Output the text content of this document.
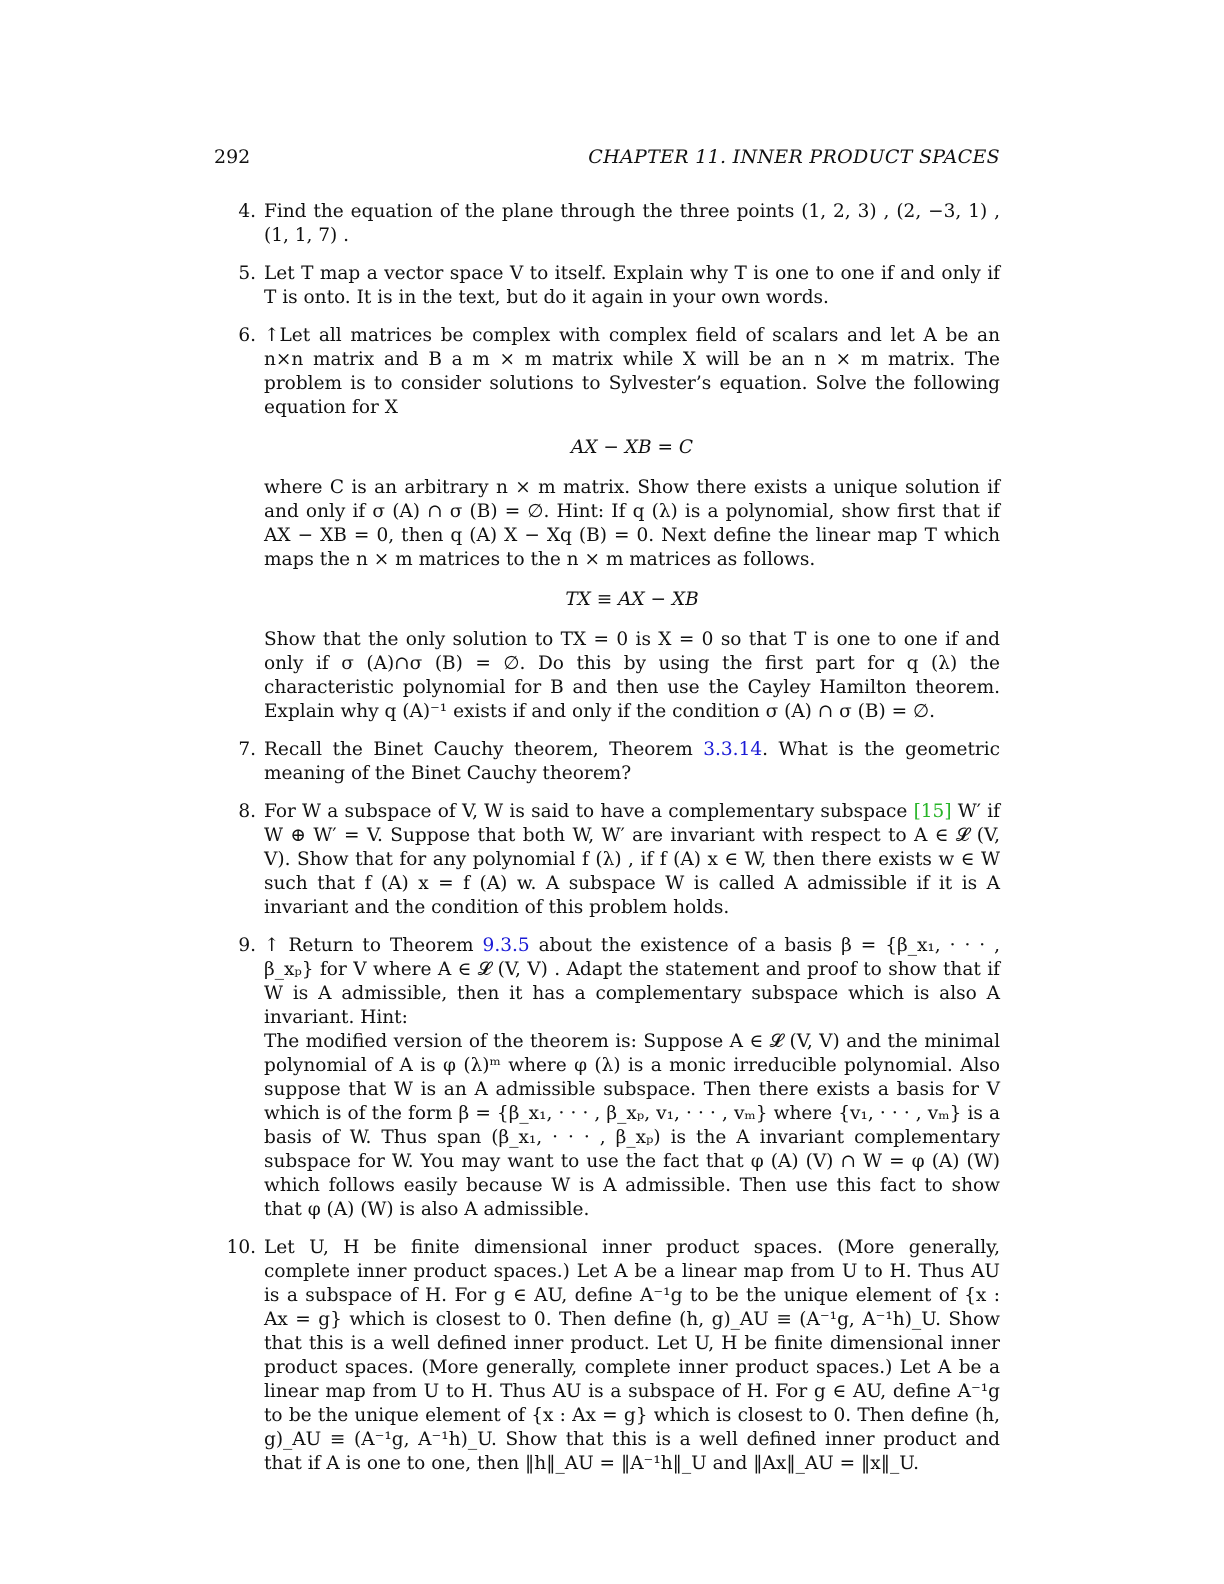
292	CHAPTER 11. INNER PRODUCT SPACES
4. Find the equation of the plane through the three points (1, 2, 3) , (2, −3, 1) , (1, 1, 7) .

5. Let T map a vector space V to itself. Explain why T is one to one if and only if T is onto. It is in the text, but do it again in your own words.

6. ↑Let all matrices be complex with complex field of scalars and let A be an n×n matrix and B a m × m matrix while X will be an n × m matrix. The problem is to consider solutions to Sylvester’s equation. Solve the following equation for X

AX − XB = C

where C is an arbitrary n × m matrix. Show there exists a unique solution if and only if σ (A) ∩ σ (B) = ∅. Hint: If q (λ) is a polynomial, show first that if AX − XB = 0, then q (A) X − Xq (B) = 0. Next define the linear map T which maps the n × m matrices to the n × m matrices as follows.

TX ≡ AX − XB

Show that the only solution to TX = 0 is X = 0 so that T is one to one if and only if σ (A)∩σ (B) = ∅. Do this by using the first part for q (λ) the characteristic polynomial for B and then use the Cayley Hamilton theorem. Explain why q (A)⁻¹ exists if and only if the condition σ (A) ∩ σ (B) = ∅.

7. Recall the Binet Cauchy theorem, Theorem 3.3.14. What is the geometric meaning of the Binet Cauchy theorem?

8. For W a subspace of V, W is said to have a complementary subspace [15] W′ if W ⊕ W′ = V. Suppose that both W, W′ are invariant with respect to A ∈ 𝓛 (V, V). Show that for any polynomial f (λ) , if f (A) x ∈ W, then there exists w ∈ W such that f (A) x = f (A) w. A subspace W is called A admissible if it is A invariant and the condition of this problem holds.

9. ↑ Return to Theorem 9.3.5 about the existence of a basis β = {β_x₁, · · · , β_xₚ} for V where A ∈ 𝓛 (V, V) . Adapt the statement and proof to show that if W is A admissible, then it has a complementary subspace which is also A invariant. Hint:

The modified version of the theorem is: Suppose A ∈ 𝓛 (V, V) and the minimal polynomial of A is φ (λ)ᵐ where φ (λ) is a monic irreducible polynomial. Also suppose that W is an A admissible subspace. Then there exists a basis for V which is of the form β = {β_x₁, · · · , β_xₚ, v₁, · · · , vₘ} where {v₁, · · · , vₘ} is a basis of W. Thus span (β_x₁, · · · , β_xₚ) is the A invariant complementary subspace for W. You may want to use the fact that φ (A) (V) ∩ W = φ (A) (W) which follows easily because W is A admissible. Then use this fact to show that φ (A) (W) is also A admissible.

10. Let U, H be finite dimensional inner product spaces. (More generally, complete inner product spaces.) Let A be a linear map from U to H. Thus AU is a subspace of H. For g ∈ AU, define A⁻¹g to be the unique element of {x : Ax = g} which is closest to 0. Then define (h, g)_AU ≡ (A⁻¹g, A⁻¹h)_U. Show that this is a well defined inner product. Let U, H be finite dimensional inner product spaces. (More generally, complete inner product spaces.) Let A be a linear map from U to H. Thus AU is a subspace of H. For g ∈ AU, define A⁻¹g to be the unique element of {x : Ax = g} which is closest to 0. Then define (h, g)_AU ≡ (A⁻¹g, A⁻¹h)_U. Show that this is a well defined inner product and that if A is one to one, then ‖h‖_AU = ‖A⁻¹h‖_U and ‖Ax‖_AU = ‖x‖_U.
